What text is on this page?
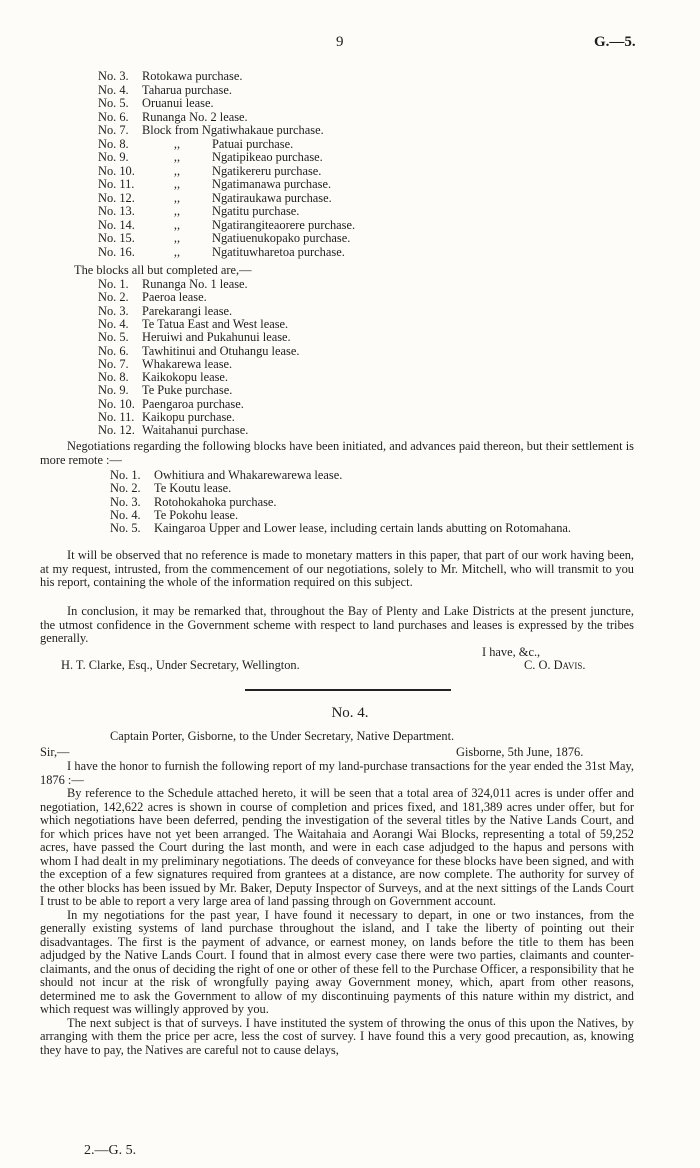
9	G.—5.
No. 3. Rotokawa purchase.
No. 4. Taharua purchase.
No. 5. Oruanui lease.
No. 6. Runanga No. 2 lease.
No. 7. Block from Ngatiwhakaue purchase.
No. 8.	,,	Patuai purchase.
No. 9.	,,	Ngatipikeao purchase.
No. 10.	,,	Ngatikereru purchase.
No. 11.	,,	Ngatimanawa purchase.
No. 12.	,,	Ngatiraukawa purchase.
No. 13.	,,	Ngatitu purchase.
No. 14.	,,	Ngatirangiteaorere purchase.
No. 15.	,,	Ngatiuenukopako purchase.
No. 16.	,,	Ngatituwharetoa purchase.
The blocks all but completed are,—
No. 1. Runanga No. 1 lease.
No. 2. Paeroa lease.
No. 3. Parekarangi lease.
No. 4. Te Tatua East and West lease.
No. 5. Heruiwi and Pukahunui lease.
No. 6. Tawhitinui and Otuhangu lease.
No. 7. Whakarewa lease.
No. 8. Kaikokopu lease.
No. 9. Te Puke purchase.
No. 10. Paengaroa purchase.
No. 11. Kaikopu purchase.
No. 12. Waitahanui purchase.

Negotiations regarding the following blocks have been initiated, and advances paid thereon, but their settlement is more remote :—

No. 1. Owhitiura and Whakarewarewa lease.
No. 2. Te Koutu lease.
No. 3. Rotohokahoka purchase.
No. 4. Te Pokohu lease.
No. 5. Kaingaroa Upper and Lower lease, including certain lands abutting on Rotomahana.

It will be observed that no reference is made to monetary matters in this paper, that part of our work having been, at my request, intrusted, from the commencement of our negotiations, solely to Mr. Mitchell, who will transmit to you his report, containing the whole of the information required on this subject.

In conclusion, it may be remarked that, throughout the Bay of Plenty and Lake Districts at the present juncture, the utmost confidence in the Government scheme with respect to land purchases and leases is expressed by the tribes generally.

I have, &c.,
H. T. Clarke, Esq., Under Secretary, Wellington.	C. O. Davis.
No. 4.
Captain Porter, Gisborne, to the Under Secretary, Native Department.
Sir,—	Gisborne, 5th June, 1876.

I have the honor to furnish the following report of my land-purchase transactions for the year ended the 31st May, 1876 :—

By reference to the Schedule attached hereto, it will be seen that a total area of 324,011 acres is under offer and negotiation, 142,622 acres is shown in course of completion and prices fixed, and 181,389 acres under offer, but for which negotiations have been deferred, pending the investigation of the several titles by the Native Lands Court, and for which prices have not yet been arranged. The Waitahaia and Aorangi Wai Blocks, representing a total of 59,252 acres, have passed the Court during the last month, and were in each case adjudged to the hapus and persons with whom I had dealt in my preliminary negotiations. The deeds of conveyance for these blocks have been signed, and with the exception of a few signatures required from grantees at a distance, are now complete. The authority for survey of the other blocks has been issued by Mr. Baker, Deputy Inspector of Surveys, and at the next sittings of the Lands Court I trust to be able to report a very large area of land passing through on Government account.

In my negotiations for the past year, I have found it necessary to depart, in one or two instances, from the generally existing systems of land purchase throughout the island, and I take the liberty of pointing out their disadvantages. The first is the payment of advance, or earnest money, on lands before the title to them has been adjudged by the Native Lands Court. I found that in almost every case there were two parties, claimants and counter-claimants, and the onus of deciding the right of one or other of these fell to the Purchase Officer, a responsibility that he should not incur at the risk of wrongfully paying away Government money, which, apart from other reasons, determined me to ask the Government to allow of my discontinuing payments of this nature within my district, and which request was willingly approved by you.

The next subject is that of surveys. I have instituted the system of throwing the onus of this upon the Natives, by arranging with them the price per acre, less the cost of survey. I have found this a very good precaution, as, knowing they have to pay, the Natives are careful not to cause delays,

2.—G. 5.
